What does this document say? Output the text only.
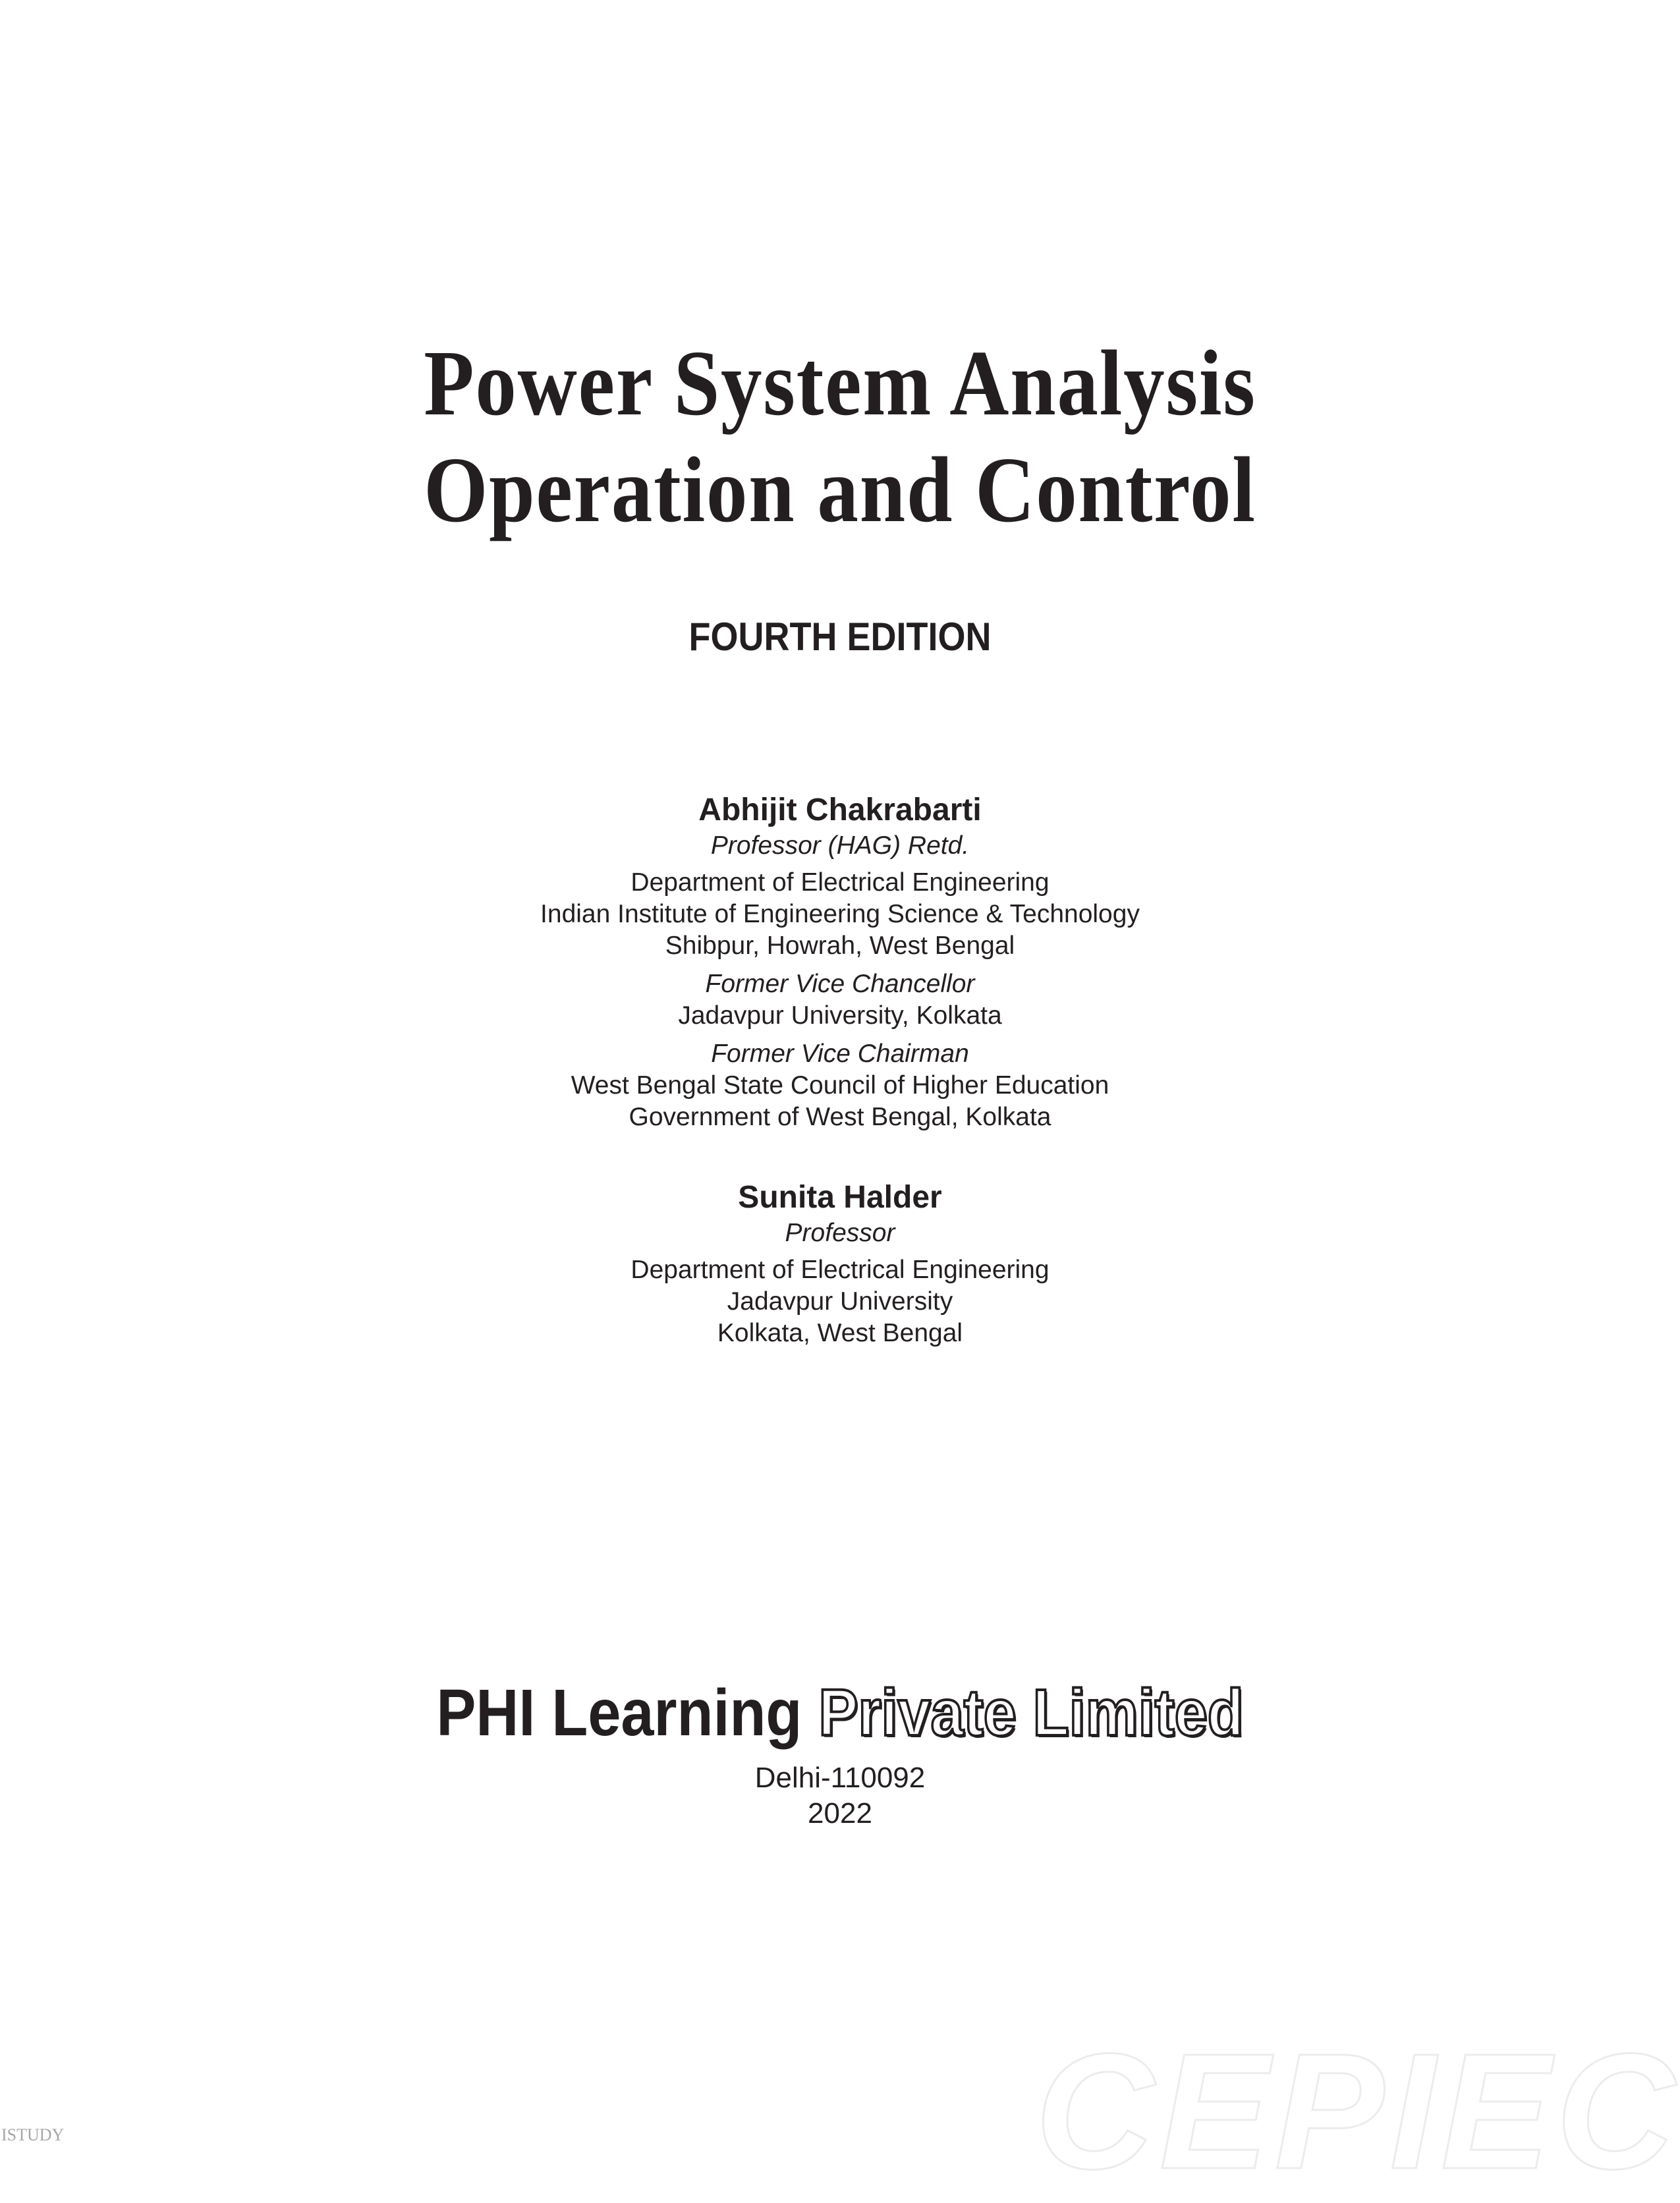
Power System Analysis
Operation and Control
FOURTH EDITION
Abhijit Chakrabarti
Professor (HAG) Retd.
Department of Electrical Engineering
Indian Institute of Engineering Science & Technology
Shibpur, Howrah, West Bengal
Former Vice Chancellor
Jadavpur University, Kolkata
Former Vice Chairman
West Bengal State Council of Higher Education
Government of West Bengal, Kolkata
Sunita Halder
Professor
Department of Electrical Engineering
Jadavpur University
Kolkata, West Bengal
PHI Learning Private Limited
Delhi-110092
2022
ISTUDY	CEPIEC
